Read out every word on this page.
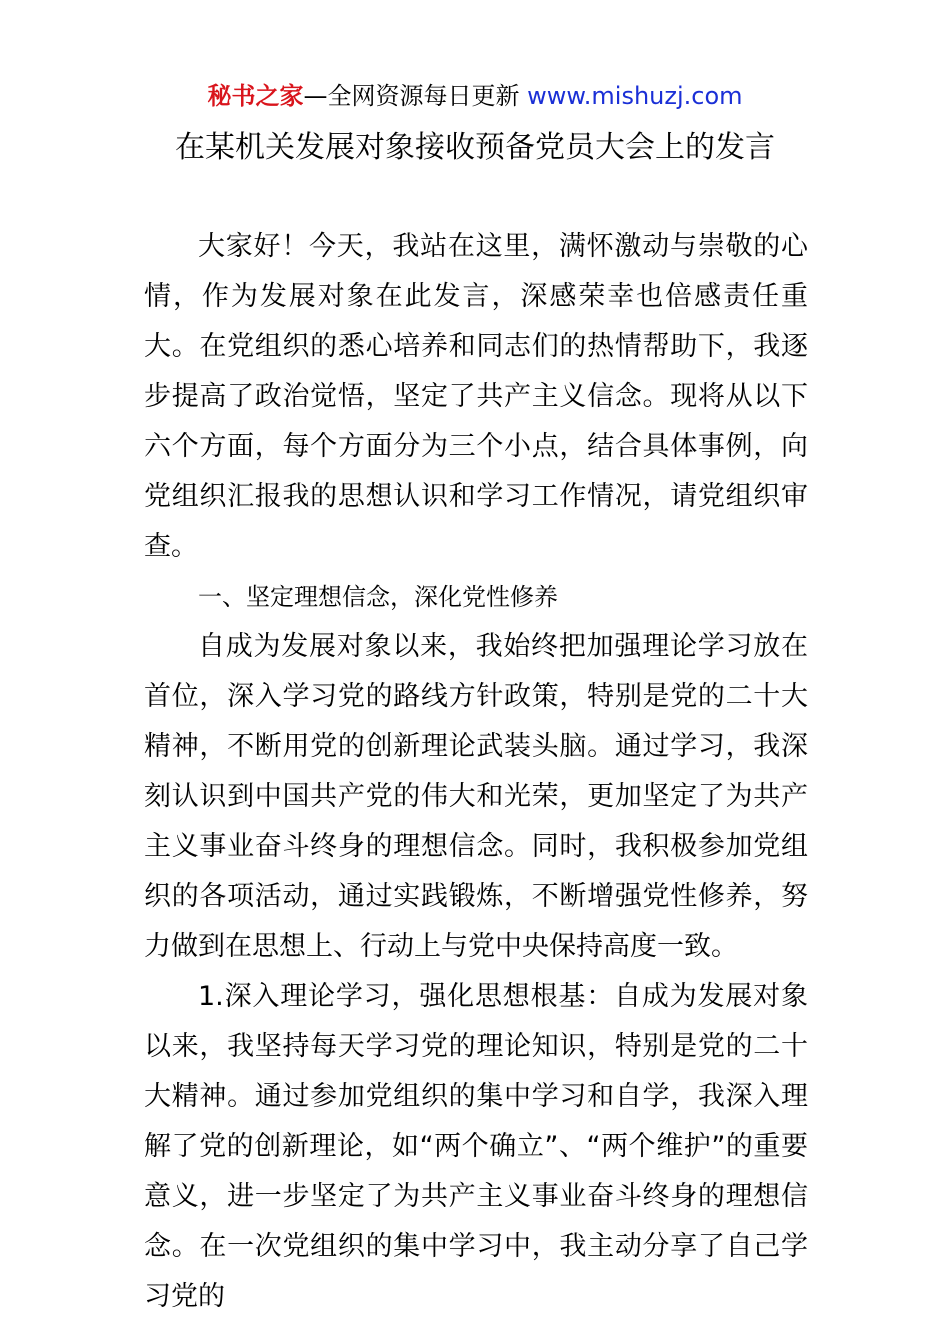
秘书之家—全网资源每日更新 www.mishuzj.com
在某机关发展对象接收预备党员大会上的发言

大家好！今天，我站在这里，满怀激动与崇敬的心情，作为发展对象在此发言，深感荣幸也倍感责任重大。在党组织的悉心培养和同志们的热情帮助下，我逐步提高了政治觉悟，坚定了共产主义信念。现将从以下六个方面，每个方面分为三个小点，结合具体事例，向党组织汇报我的思想认识和学习工作情况，请党组织审查。

一、坚定理想信念，深化党性修养

自成为发展对象以来，我始终把加强理论学习放在首位，深入学习党的路线方针政策，特别是党的二十大精神，不断用党的创新理论武装头脑。通过学习，我深刻认识到中国共产党的伟大和光荣，更加坚定了为共产主义事业奋斗终身的理想信念。同时，我积极参加党组织的各项活动，通过实践锻炼，不断增强党性修养，努力做到在思想上、行动上与党中央保持高度一致。

1.深入理论学习，强化思想根基：自成为发展对象以来，我坚持每天学习党的理论知识，特别是党的二十大精神。通过参加党组织的集中学习和自学，我深入理解了党的创新理论，如“两个确立”、“两个维护”的重要意义，进一步坚定了为共产主义事业奋斗终身的理想信念。在一次党组织的集中学习中，我主动分享了自己学习党的
